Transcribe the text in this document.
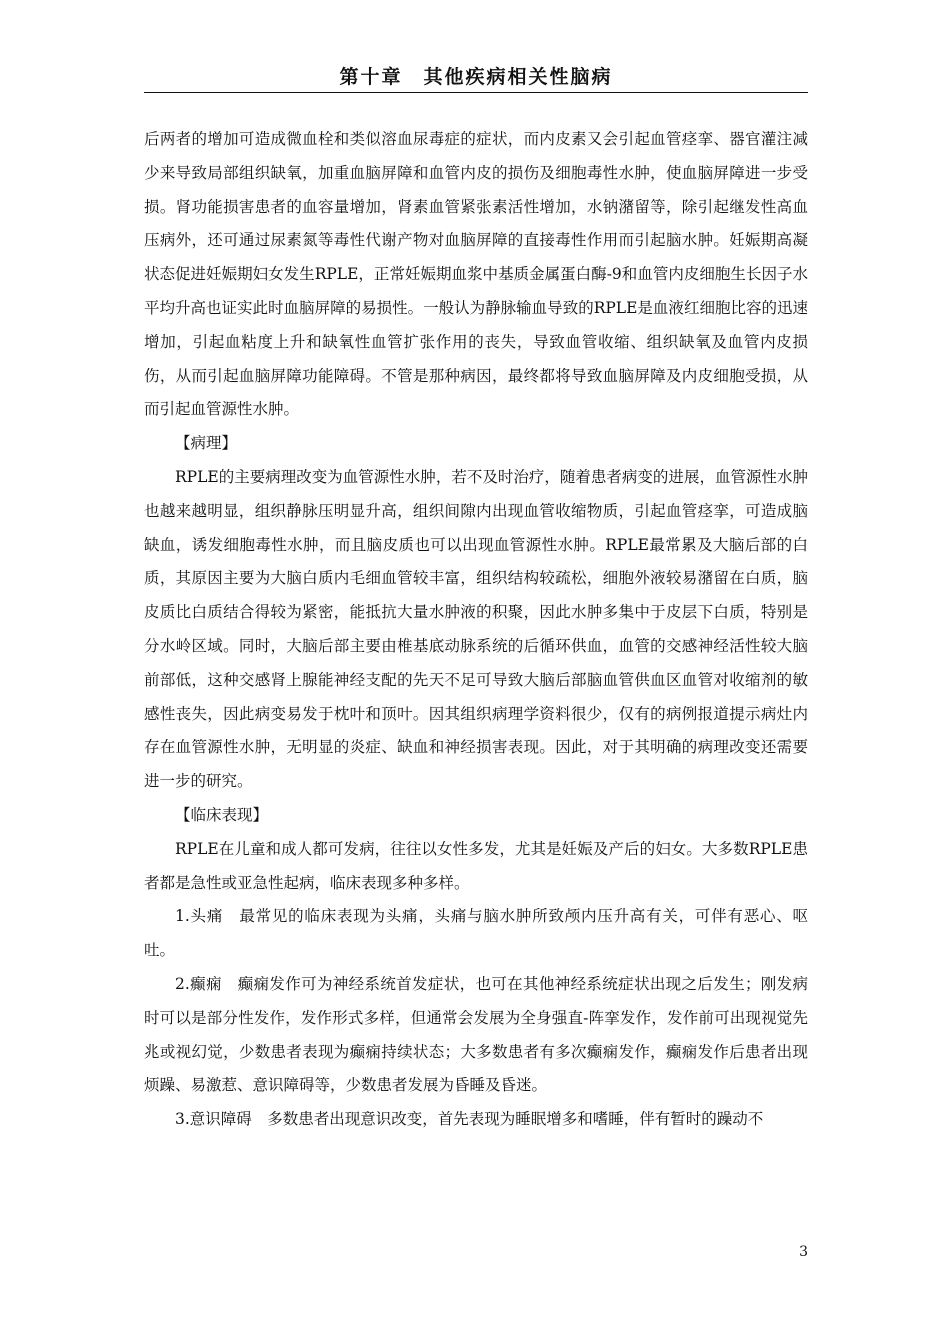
第十章　其他疾病相关性脑病

后两者的增加可造成微血栓和类似溶血尿毒症的症状，而内皮素又会引起血管痉挛、器官灌注减少来导致局部组织缺氧，加重血脑屏障和血管内皮的损伤及细胞毒性水肿，使血脑屏障进一步受损。肾功能损害患者的血容量增加，肾素血管紧张素活性增加，水钠潴留等，除引起继发性高血压病外，还可通过尿素氮等毒性代谢产物对血脑屏障的直接毒性作用而引起脑水肿。妊娠期高凝状态促进妊娠期妇女发生RPLE，正常妊娠期血浆中基质金属蛋白酶-9和血管内皮细胞生长因子水平均升高也证实此时血脑屏障的易损性。一般认为静脉输血导致的RPLE是血液红细胞比容的迅速增加，引起血粘度上升和缺氧性血管扩张作用的丧失，导致血管收缩、组织缺氧及血管内皮损伤，从而引起血脑屏障功能障碍。不管是那种病因，最终都将导致血脑屏障及内皮细胞受损，从而引起血管源性水肿。

【病理】

RPLE的主要病理改变为血管源性水肿，若不及时治疗，随着患者病变的进展，血管源性水肿也越来越明显，组织静脉压明显升高，组织间隙内出现血管收缩物质，引起血管痉挛，可造成脑缺血，诱发细胞毒性水肿，而且脑皮质也可以出现血管源性水肿。RPLE最常累及大脑后部的白质，其原因主要为大脑白质内毛细血管较丰富，组织结构较疏松，细胞外液较易潴留在白质，脑皮质比白质结合得较为紧密，能抵抗大量水肿液的积聚，因此水肿多集中于皮层下白质，特别是分水岭区域。同时，大脑后部主要由椎基底动脉系统的后循环供血，血管的交感神经活性较大脑前部低，这种交感肾上腺能神经支配的先天不足可导致大脑后部脑血管供血区血管对收缩剂的敏感性丧失，因此病变易发于枕叶和顶叶。因其组织病理学资料很少，仅有的病例报道提示病灶内存在血管源性水肿，无明显的炎症、缺血和神经损害表现。因此，对于其明确的病理改变还需要进一步的研究。

【临床表现】

RPLE在儿童和成人都可发病，往往以女性多发，尤其是妊娠及产后的妇女。大多数RPLE患者都是急性或亚急性起病，临床表现多种多样。

1.头痛　最常见的临床表现为头痛，头痛与脑水肿所致颅内压升高有关，可伴有恶心、呕吐。

2.癫痫　癫痫发作可为神经系统首发症状，也可在其他神经系统症状出现之后发生；刚发病时可以是部分性发作，发作形式多样，但通常会发展为全身强直-阵挛发作，发作前可出现视觉先兆或视幻觉，少数患者表现为癫痫持续状态；大多数患者有多次癫痫发作，癫痫发作后患者出现烦躁、易激惹、意识障碍等，少数患者发展为昏睡及昏迷。

3.意识障碍　多数患者出现意识改变，首先表现为睡眠增多和嗜睡，伴有暂时的躁动不

3
